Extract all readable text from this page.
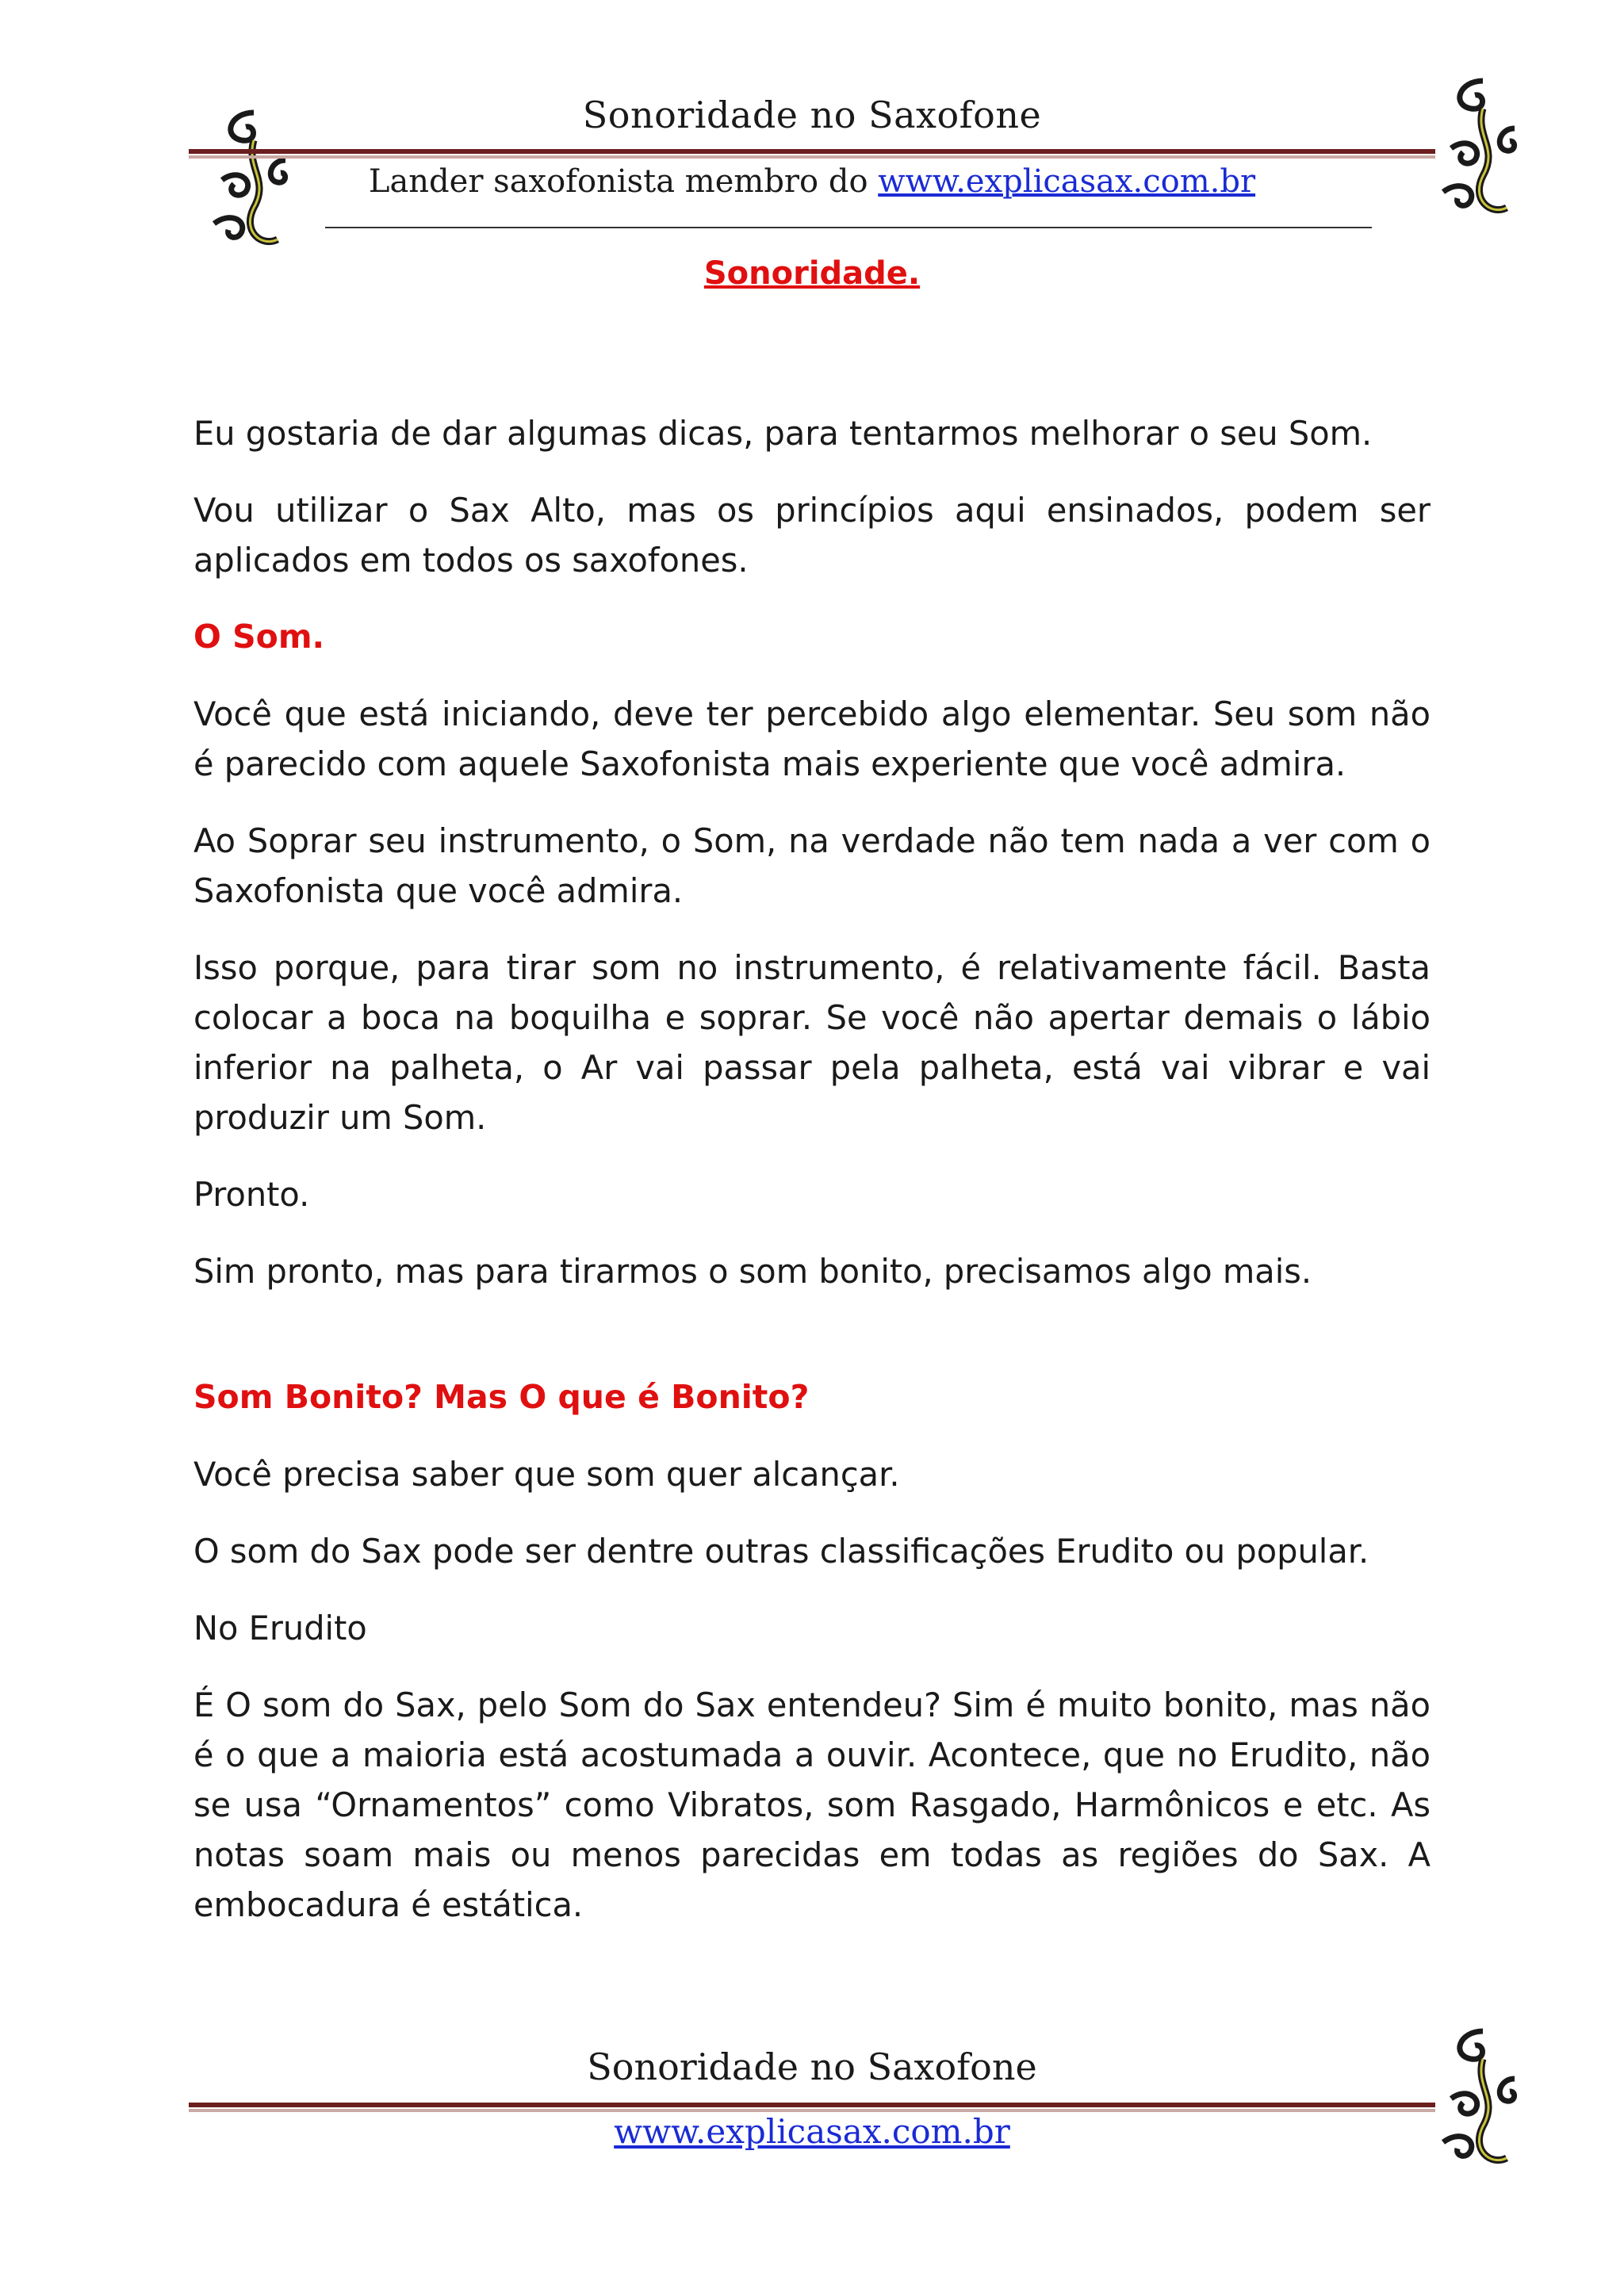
Sonoridade no Saxofone
Lander saxofonista membro do www.explicasax.com.br
Sonoridade.

Eu gostaria de dar algumas dicas, para tentarmos melhorar o seu Som.

Vou utilizar o Sax Alto, mas os princípios aqui ensinados, podem ser aplicados em todos os saxofones.

O Som.

Você que está iniciando, deve ter percebido algo elementar. Seu som não é parecido com aquele Saxofonista mais experiente que você admira.

Ao Soprar seu instrumento, o Som, na verdade não tem nada a ver com o Saxofonista que você admira.

Isso porque, para tirar som no instrumento, é relativamente fácil. Basta colocar a boca na boquilha e soprar. Se você não apertar demais o lábio inferior na palheta, o Ar vai passar pela palheta, está vai vibrar e vai produzir um Som.

Pronto.

Sim pronto, mas para tirarmos o som bonito, precisamos algo mais.

Som Bonito? Mas O que é Bonito?

Você precisa saber que som quer alcançar.

O som do Sax pode ser dentre outras classificações Erudito ou popular.

No Erudito

É O som do Sax, pelo Som do Sax entendeu? Sim é muito bonito, mas não é o que a maioria está acostumada a ouvir. Acontece, que no Erudito, não se usa “Ornamentos” como Vibratos, som Rasgado, Harmônicos e etc. As notas soam mais ou menos parecidas em todas as regiões do Sax. A embocadura é estática.

Sonoridade no Saxofone
www.explicasax.com.br
